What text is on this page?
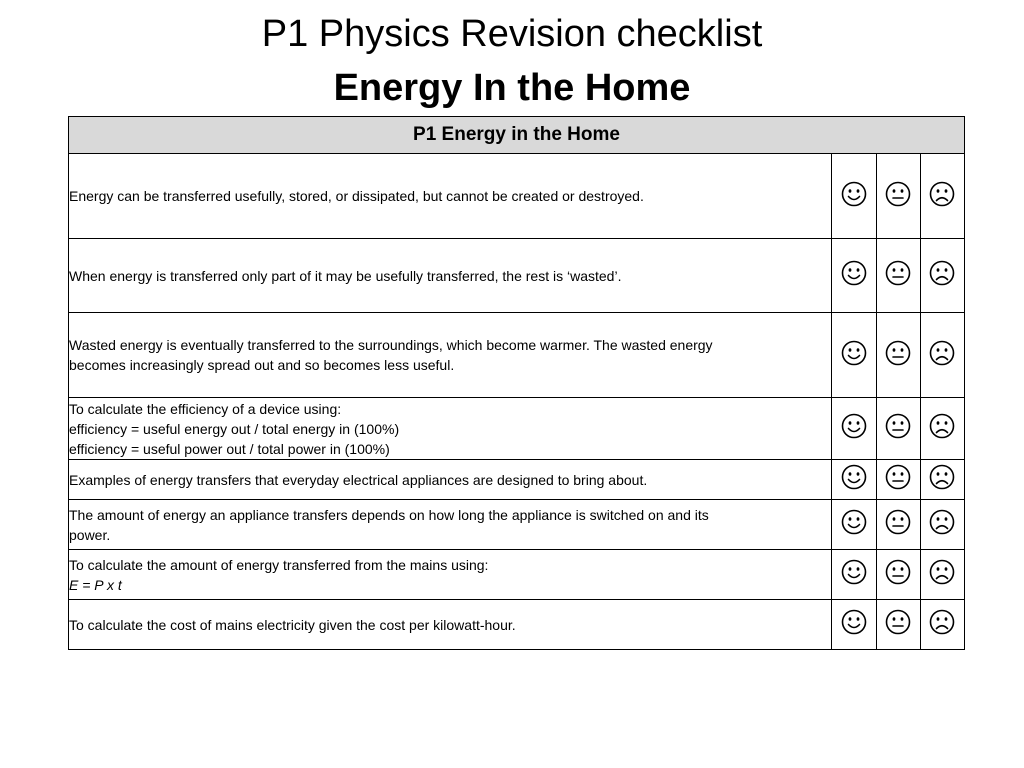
P1 Physics Revision checklist
Energy In the Home
P1 Energy in the Home			

Energy can be transferred usefully, stored, or dissipated, but cannot be created or destroyed.

When energy is transferred only part of it may be usefully transferred, the rest is ‘wasted’.

Wasted energy is eventually transferred to the surroundings, which become warmer. The wasted energy
becomes increasingly spread out and so becomes less useful.

To calculate the efficiency of a device using:
efficiency = useful energy out / total energy in (100%)
efficiency = useful power out / total power in (100%)

Examples of energy transfers that everyday electrical appliances are designed to bring about.

The amount of energy an appliance transfers depends on how long the appliance is switched on and its
power.

To calculate the amount of energy transferred from the mains using:
E = P x t

To calculate the cost of mains electricity given the cost per kilowatt-hour.
